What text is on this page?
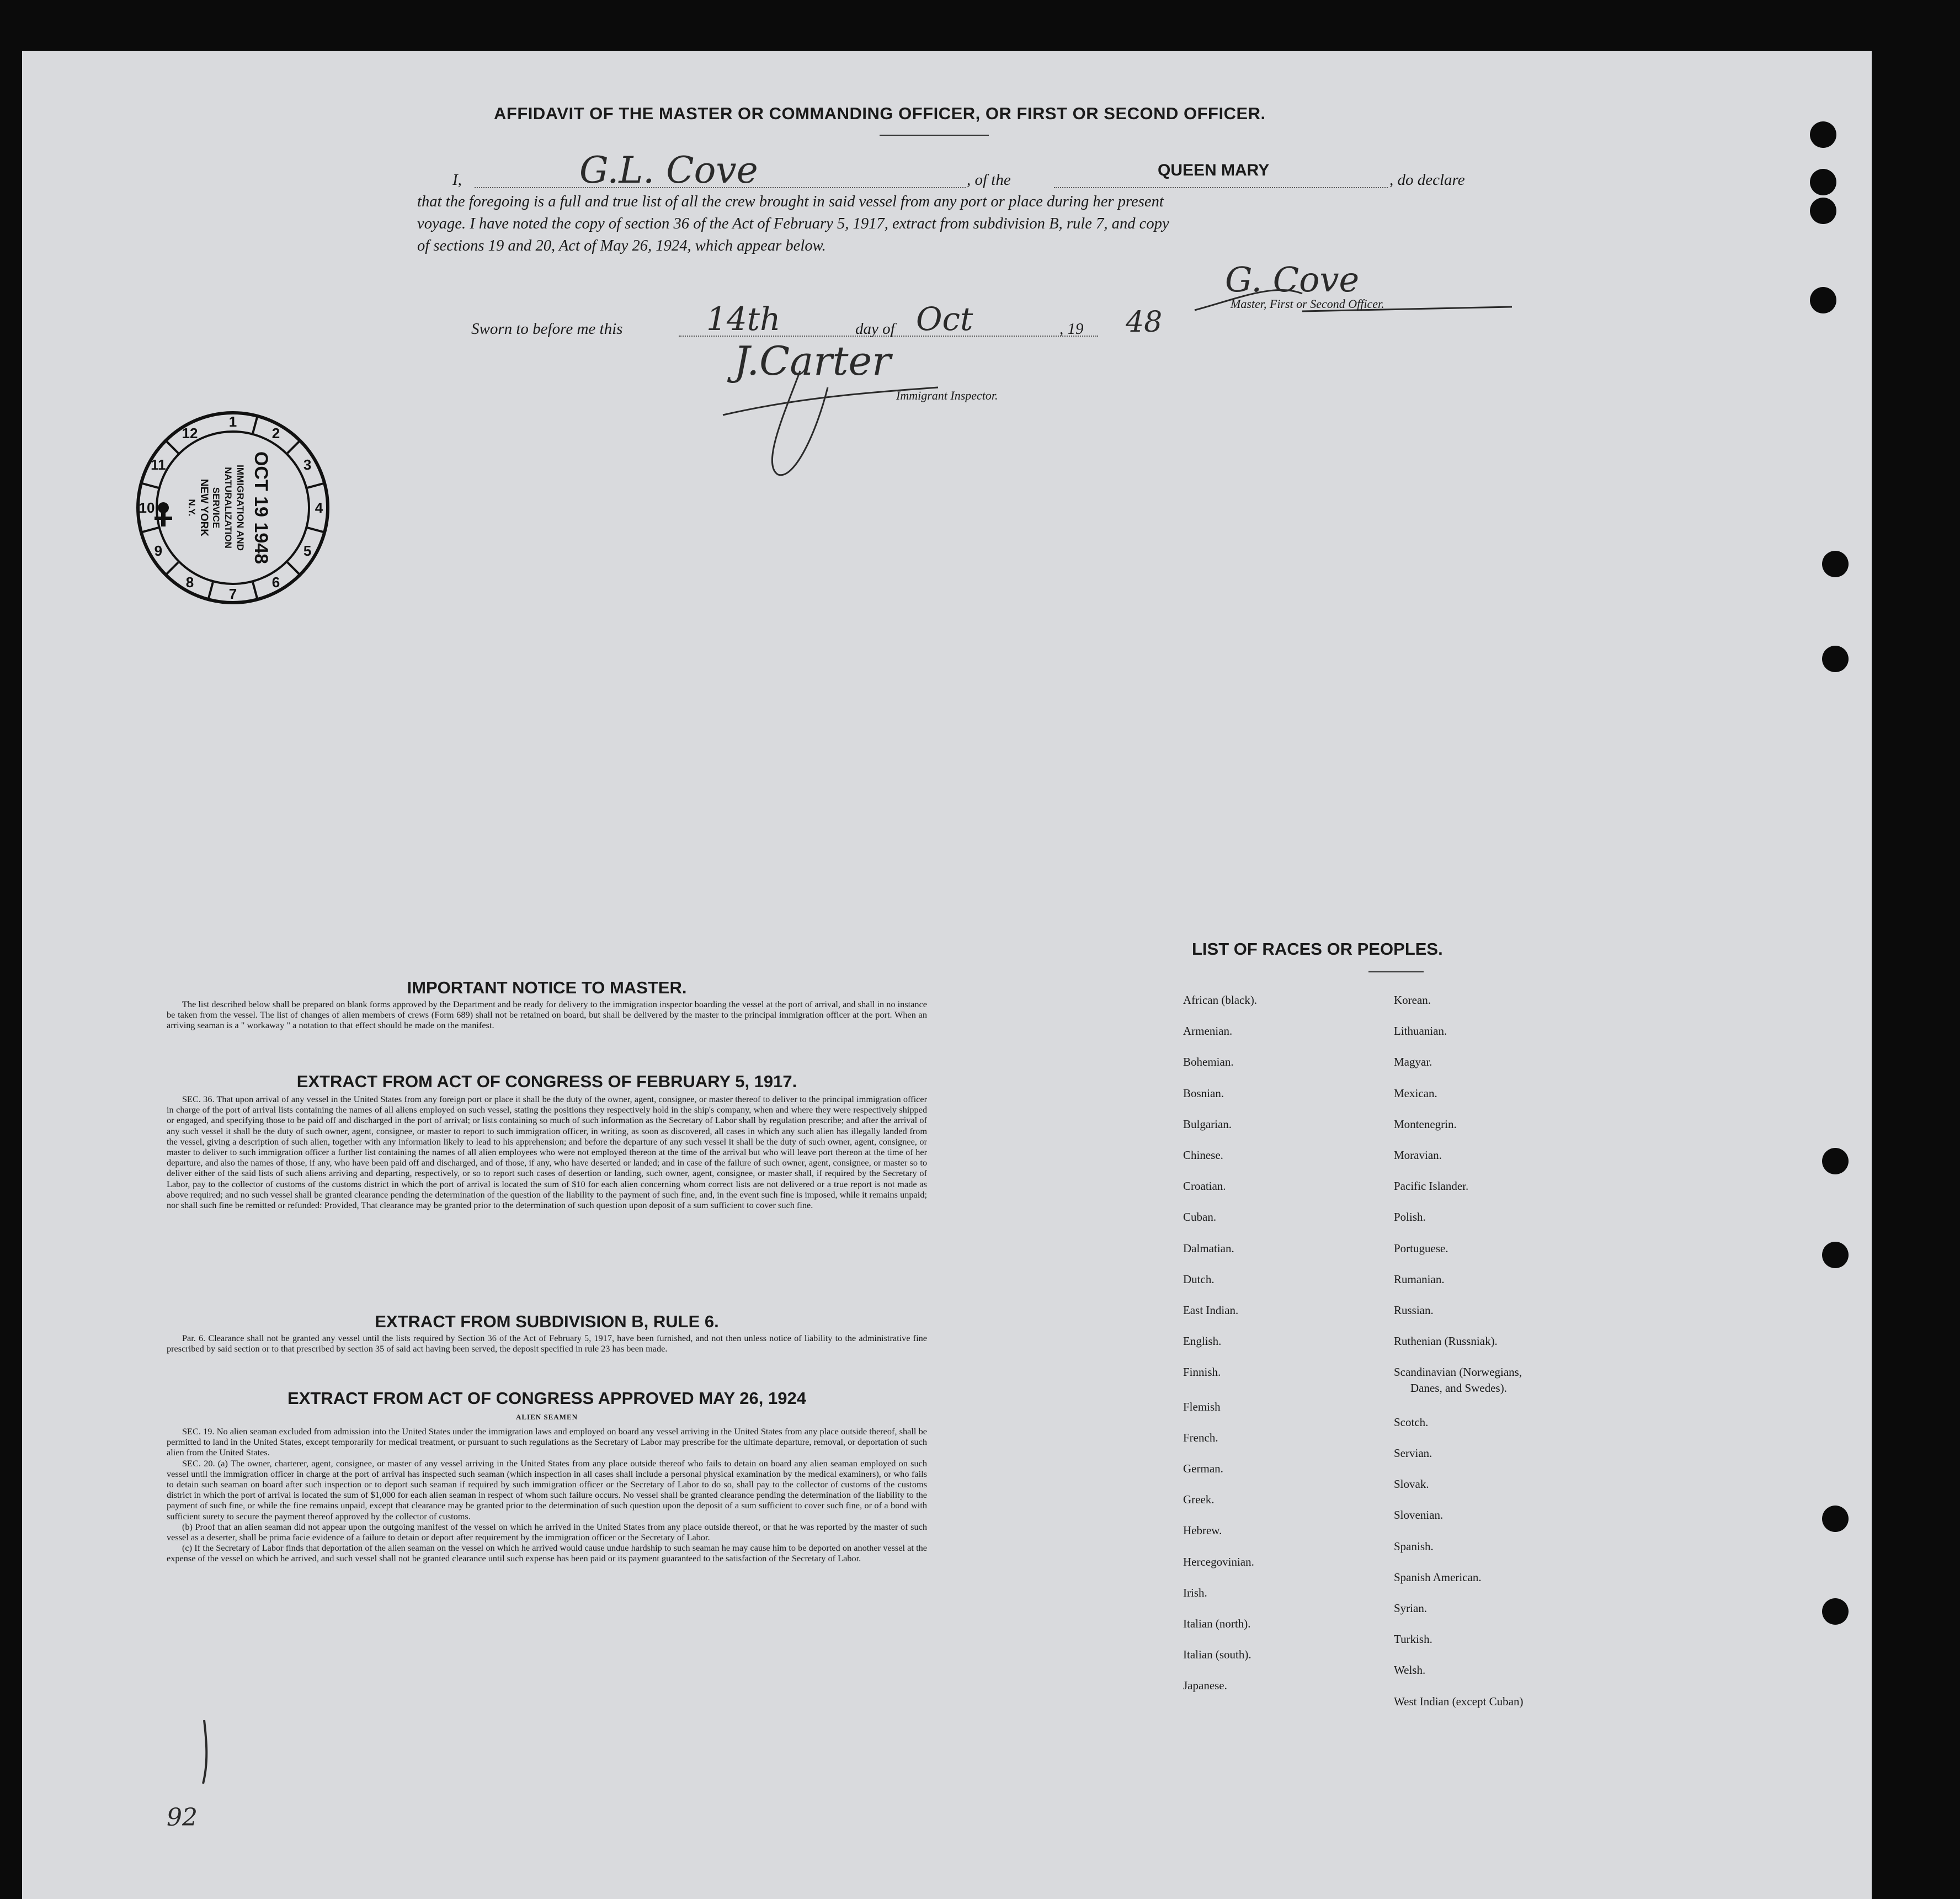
AFFIDAVIT OF THE MASTER OR COMMANDING OFFICER, OR FIRST OR SECOND OFFICER.
I,	G.L. Cove	, of the
QUEEN MARY
, do declare
that the foregoing is a full and true list of all the crew brought in said vessel from any port or place during her present
voyage. I have noted the copy of section 36 of the Act of February 5, 1917, extract from subdivision B, rule 7, and copy
of sections 19 and 20, Act of May 26, 1924, which appear below.
G. Cove
Master, First or Second Officer.
Sworn to before me this	14th	day of Oct	, 19 48
J.Carter
Immigrant Inspector.
1
2
3
4
5
6
7
8
9
10
11
12
OCT 19 1948
IMMIGRATION AND
NATURALIZATION
SERVICE
NEW YORK
N.Y.
IMPORTANT NOTICE TO MASTER.

The list described below shall be prepared on blank forms approved by the Department and be ready for delivery to the immigration inspector boarding the vessel at the port of arrival, and shall in no instance be taken from the vessel. The list of changes of alien members of crews (Form 689) shall not be retained on board, but shall be delivered by the master to the principal immigration officer at the port. When an arriving seaman is a " workaway " a notation to that effect should be made on the manifest.

EXTRACT FROM ACT OF CONGRESS OF FEBRUARY 5, 1917.

SEC. 36. That upon arrival of any vessel in the United States from any foreign port or place it shall be the duty of the owner, agent, consignee, or master thereof to deliver to the principal immigration officer in charge of the port of arrival lists containing the names of all aliens employed on such vessel, stating the positions they respectively hold in the ship's company, when and where they were respectively shipped or engaged, and specifying those to be paid off and discharged in the port of arrival; or lists containing so much of such information as the Secretary of Labor shall by regulation prescribe; and after the arrival of any such vessel it shall be the duty of such owner, agent, consignee, or master to report to such immigration officer, in writing, as soon as discovered, all cases in which any such alien has illegally landed from the vessel, giving a description of such alien, together with any information likely to lead to his apprehension; and before the departure of any such vessel it shall be the duty of such owner, agent, consignee, or master to deliver to such immigration officer a further list containing the names of all alien employees who were not employed thereon at the time of the arrival but who will leave port thereon at the time of her departure, and also the names of those, if any, who have been paid off and discharged, and of those, if any, who have deserted or landed; and in case of the failure of such owner, agent, consignee, or master so to deliver either of the said lists of such aliens arriving and departing, respectively, or so to report such cases of desertion or landing, such owner, agent, consignee, or master shall, if required by the Secretary of Labor, pay to the collector of customs of the customs district in which the port of arrival is located the sum of $10 for each alien concerning whom correct lists are not delivered or a true report is not made as above required; and no such vessel shall be granted clearance pending the determination of the question of the liability to the payment of such fine, and, in the event such fine is imposed, while it remains unpaid; nor shall such fine be remitted or refunded: Provided, That clearance may be granted prior to the determination of such question upon deposit of a sum sufficient to cover such fine.

EXTRACT FROM SUBDIVISION B, RULE 6.

Par. 6. Clearance shall not be granted any vessel until the lists required by Section 36 of the Act of February 5, 1917, have been furnished, and not then unless notice of liability to the administrative fine prescribed by said section or to that prescribed by section 35 of said act having been served, the deposit specified in rule 23 has been made.

EXTRACT FROM ACT OF CONGRESS APPROVED MAY 26, 1924
ALIEN SEAMEN

SEC. 19. No alien seaman excluded from admission into the United States under the immigration laws and employed on board any vessel arriving in the United States from any place outside thereof, shall be permitted to land in the United States, except temporarily for medical treatment, or pursuant to such regulations as the Secretary of Labor may prescribe for the ultimate departure, removal, or deportation of such alien from the United States.

SEC. 20. (a) The owner, charterer, agent, consignee, or master of any vessel arriving in the United States from any place outside thereof who fails to detain on board any alien seaman employed on such vessel until the immigration officer in charge at the port of arrival has inspected such seaman (which inspection in all cases shall include a personal physical examination by the medical examiners), or who fails to detain such seaman on board after such inspection or to deport such seaman if required by such immigration officer or the Secretary of Labor to do so, shall pay to the collector of customs of the customs district in which the port of arrival is located the sum of $1,000 for each alien seaman in respect of whom such failure occurs. No vessel shall be granted clearance pending the determination of the liability to the payment of such fine, or while the fine remains unpaid, except that clearance may be granted prior to the determination of such question upon the deposit of a sum sufficient to cover such fine, or of a bond with sufficient surety to secure the payment thereof approved by the collector of customs.

(b) Proof that an alien seaman did not appear upon the outgoing manifest of the vessel on which he arrived in the United States from any place outside thereof, or that he was reported by the master of such vessel as a deserter, shall be prima facie evidence of a failure to detain or deport after requirement by the immigration officer or the Secretary of Labor.

(c) If the Secretary of Labor finds that deportation of the alien seaman on the vessel on which he arrived would cause undue hardship to such seaman he may cause him to be deported on another vessel at the expense of the vessel on which he arrived, and such vessel shall not be granted clearance until such expense has been paid or its payment guaranteed to the satisfaction of the Secretary of Labor.

92
LIST OF RACES OR PEOPLES.
African (black).
Armenian.
Bohemian.
Bosnian.
Bulgarian.
Chinese.
Croatian.
Cuban.
Dalmatian.
Dutch.
East Indian.
English.
Finnish.
Flemish
French.
German.
Greek.
Hebrew.
Hercegovinian.
Irish.
Italian (north).
Italian (south).
Japanese.
Korean.
Lithuanian.
Magyar.
Mexican.
Montenegrin.
Moravian.
Pacific Islander.
Polish.
Portuguese.
Rumanian.
Russian.
Ruthenian (Russniak).
Scandinavian (Norwegians,
Danes, and Swedes).
Scotch.
Servian.
Slovak.
Slovenian.
Spanish.
Spanish American.
Syrian.
Turkish.
Welsh.
West Indian (except Cuban)
